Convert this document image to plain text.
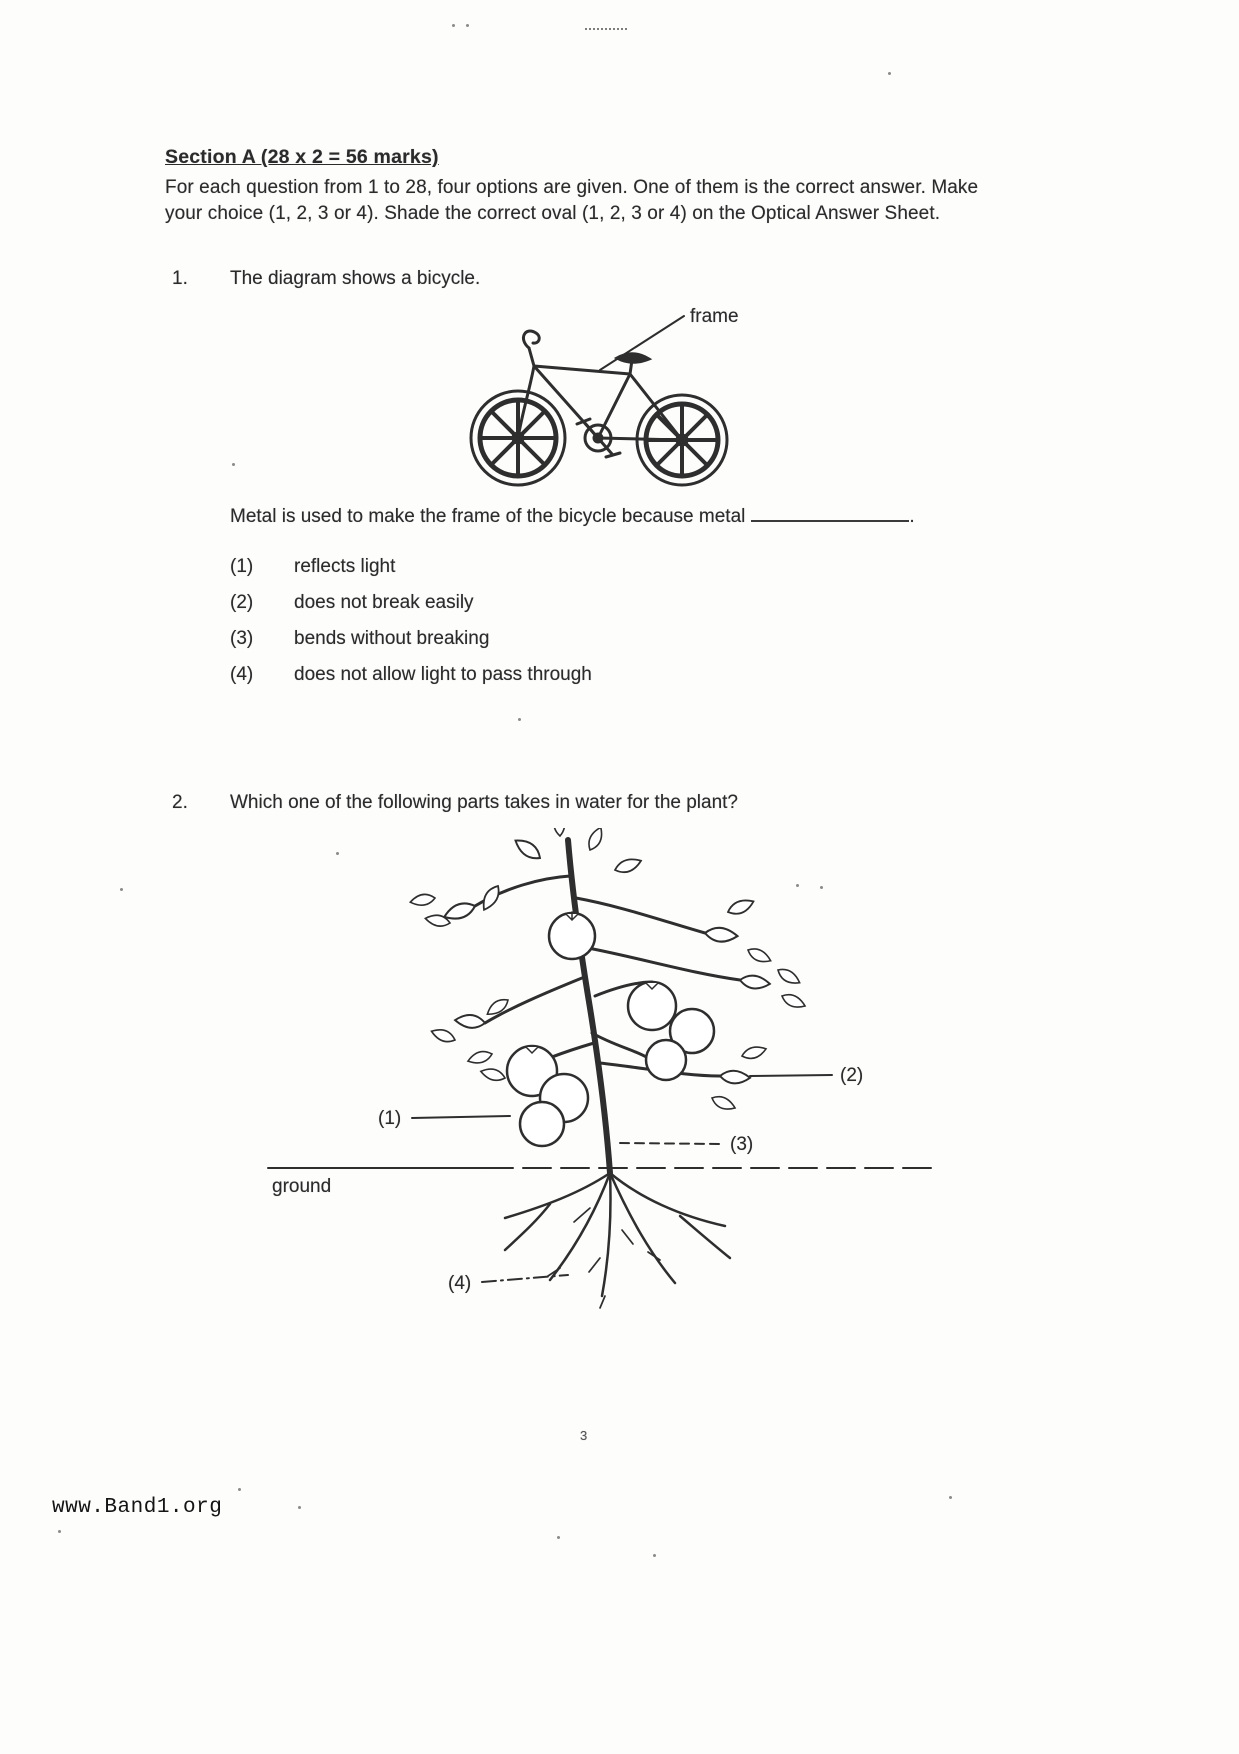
Section A (28 x 2 = 56 marks)

For each question from 1 to 28, four options are given. One of them is the correct answer. Make your choice (1, 2, 3 or 4). Shade the correct oval (1, 2, 3 or 4) on the Optical Answer Sheet.

1.	The diagram shows a bicycle.
frame
Metal is used to make the frame of the bicycle because metal	.
(1)	reflects light
(2)	does not break easily
(3)	bends without breaking
(4)	does not allow light to pass through
2.	Which one of the following parts takes in water for the plant?
(1)
(2)
(3)
(4)
ground
3
www.Band1.org
